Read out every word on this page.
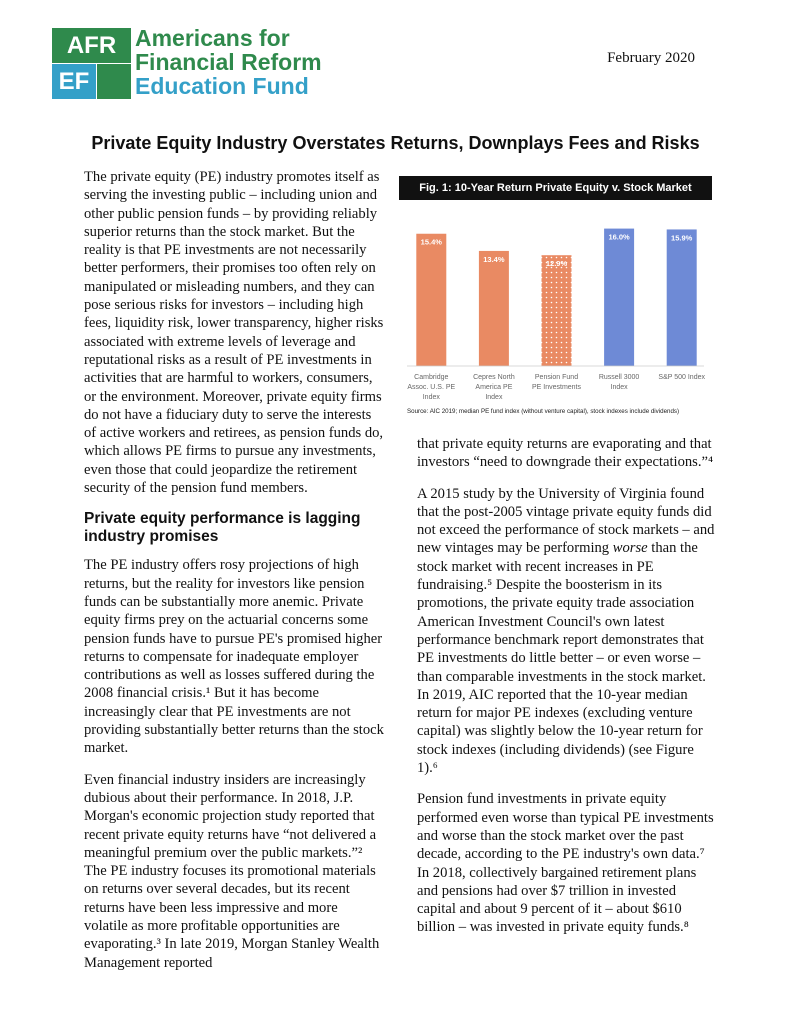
AFR
EF
Americans for
Financial Reform
Education Fund
February 2020
Private Equity Industry Overstates Returns, Downplays Fees and Risks

The private equity (PE) industry promotes itself as serving the investing public – including union and other public pension funds – by providing reliably superior returns than the stock market. But the reality is that PE investments are not necessarily better performers, their promises too often rely on manipulated or misleading numbers, and they can pose serious risks for investors – including high fees, liquidity risk, lower transparency, higher risks associated with extreme levels of leverage and reputational risks as a result of PE investments in activities that are harmful to workers, consumers, or the environment. Moreover, private equity firms do not have a fiduciary duty to serve the interests of active workers and retirees, as pension funds do, which allows PE firms to pursue any investments, even those that could jeopardize the retirement security of the pension fund members.

Private equity performance is lagging industry promises

The PE industry offers rosy projections of high returns, but the reality for investors like pension funds can be substantially more anemic. Private equity firms prey on the actuarial concerns some pension funds have to pursue PE's promised higher returns to compensate for inadequate employer contributions as well as losses suffered during the 2008 financial crisis.¹ But it has become increasingly clear that PE investments are not providing substantially better returns than the stock market.

Even financial industry insiders are increasingly dubious about their performance. In 2018, J.P. Morgan's economic projection study reported that recent private equity returns have “not delivered a meaningful premium over the public markets.”² The PE industry focuses its promotional materials on returns over several decades, but its recent returns have been less impressive and more volatile as more profitable opportunities are evaporating.³ In late 2019, Morgan Stanley Wealth Management reported

Fig. 1: 10-Year Return Private Equity v. Stock Market
15.4%
Cambridge
Assoc. U.S. PE
Index
13.4%
Cepres North
America PE
Index
12.9%
Pension Fund
PE Investments
16.0%
Russell 3000
Index
15.9%
S&P 500 Index
Source: AIC 2019; median PE fund index (without venture capital), stock indexes include dividends)

that private equity returns are evaporating and that investors “need to downgrade their expectations.”⁴

A 2015 study by the University of Virginia found that the post-2005 vintage private equity funds did not exceed the performance of stock markets – and new vintages may be performing worse than the stock market with recent increases in PE fundraising.⁵ Despite the boosterism in its promotions, the private equity trade association American Investment Council's own latest performance benchmark report demonstrates that PE investments do little better – or even worse – than comparable investments in the stock market. In 2019, AIC reported that the 10-year median return for major PE indexes (excluding venture capital) was slightly below the 10-year return for stock indexes (including dividends) (see Figure 1).⁶

Pension fund investments in private equity performed even worse than typical PE investments and worse than the stock market over the past decade, according to the PE industry's own data.⁷ In 2018, collectively bargained retirement plans and pensions had over $7 trillion in invested capital and about 9 percent of it – about $610 billion – was invested in private equity funds.⁸
